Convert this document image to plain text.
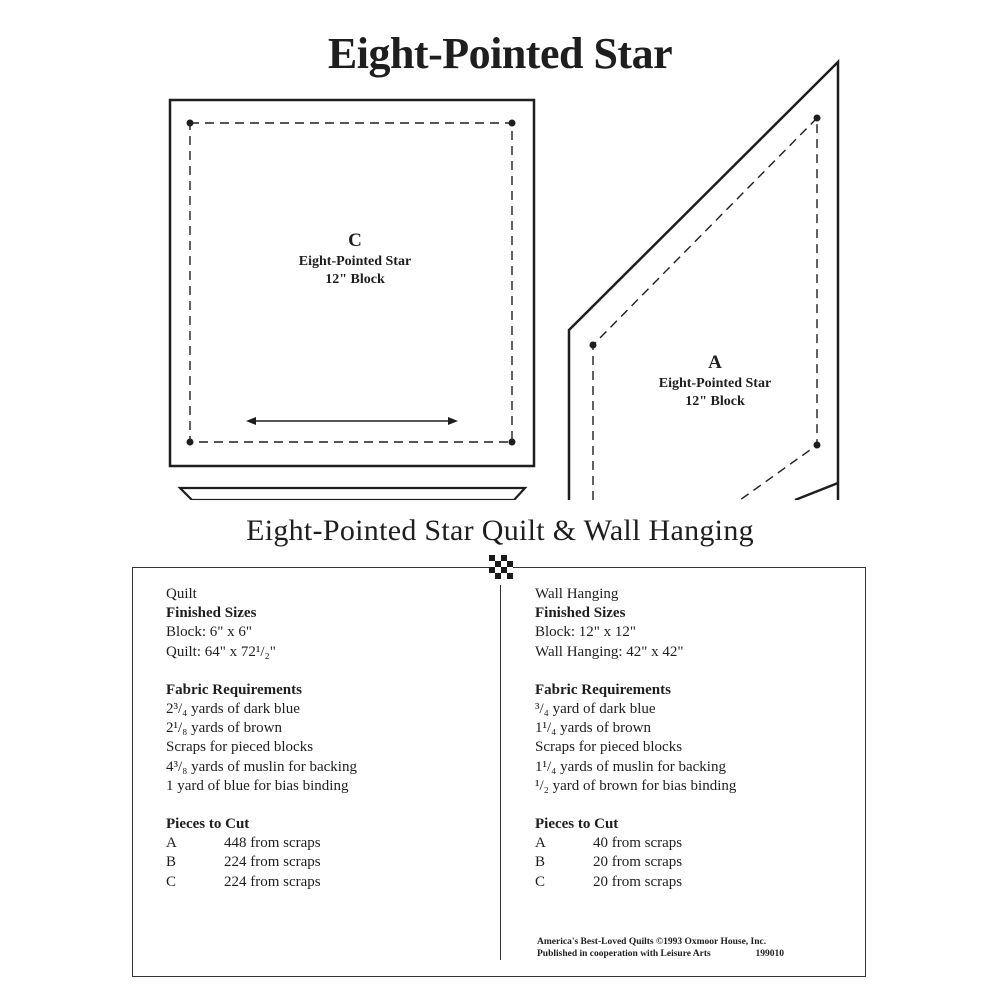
Eight-Pointed Star
C
Eight-Pointed Star
12" Block
A
Eight-Pointed Star
12" Block
Eight-Pointed Star Quilt & Wall Hanging
Quilt
Finished Sizes
Block: 6" x 6"
Quilt: 64" x 72¹/₂"
Fabric Requirements
2³/₄ yards of dark blue
2¹/₈ yards of brown
Scraps for pieced blocks
4³/₈ yards of muslin for backing
1 yard of blue for bias binding
Pieces to Cut
A	448 from scraps
B	224 from scraps
C	224 from scraps
Wall Hanging
Finished Sizes
Block: 12" x 12"
Wall Hanging: 42" x 42"
Fabric Requirements
³/₄ yard of dark blue
1¹/₄ yards of brown
Scraps for pieced blocks
1¹/₄ yards of muslin for backing
¹/₂ yard of brown for bias binding
Pieces to Cut
A	40 from scraps
B	20 from scraps
C	20 from scraps
America's Best-Loved Quilts ©1993 Oxmoor House, Inc.
Published in cooperation with Leisure Arts	199010
